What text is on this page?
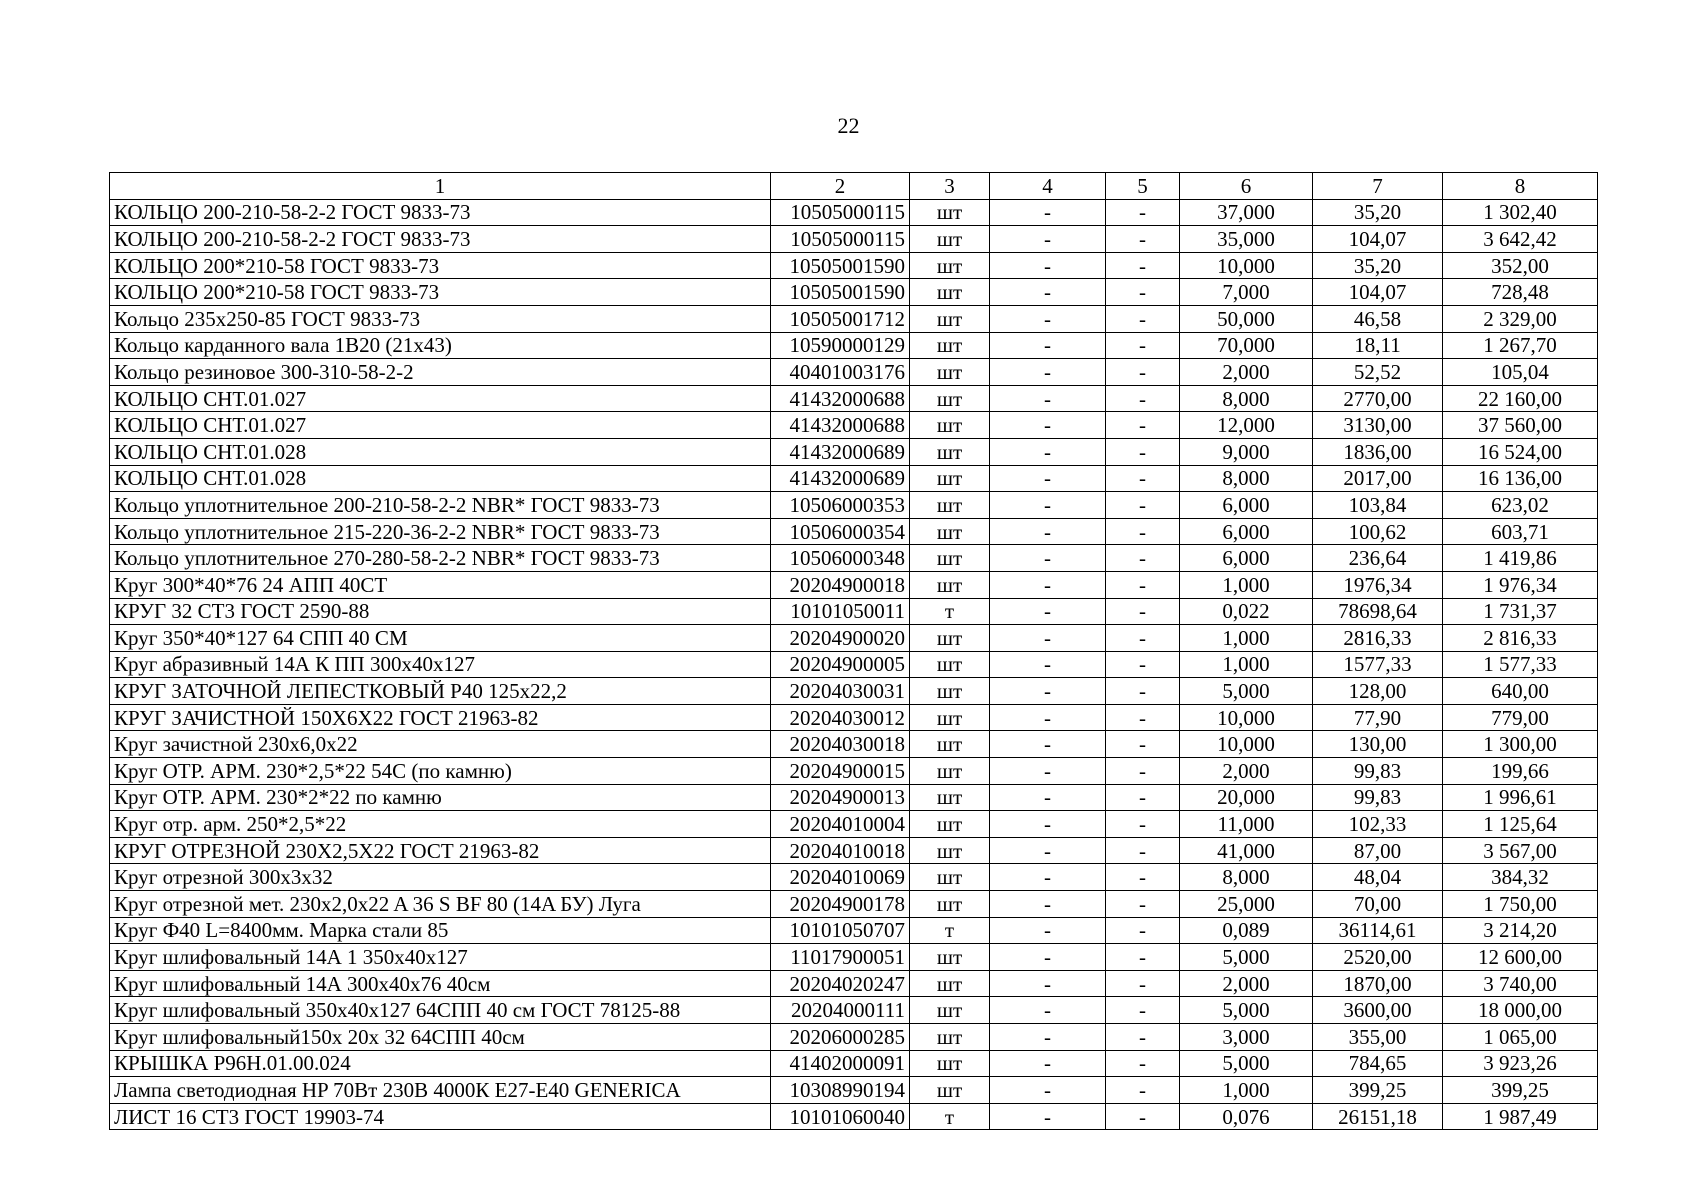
22
1	2	3	4	5	6	7	8
КОЛЬЦО 200-210-58-2-2 ГОСТ 9833-73	10505000115	шт	-	-	37,000	35,20	1 302,40
КОЛЬЦО 200-210-58-2-2 ГОСТ 9833-73	10505000115	шт	-	-	35,000	104,07	3 642,42
КОЛЬЦО 200*210-58 ГОСТ 9833-73	10505001590	шт	-	-	10,000	35,20	352,00
КОЛЬЦО 200*210-58 ГОСТ 9833-73	10505001590	шт	-	-	7,000	104,07	728,48
Кольцо 235x250-85 ГОСТ 9833-73	10505001712	шт	-	-	50,000	46,58	2 329,00
Кольцо карданного вала 1В20 (21х43)	10590000129	шт	-	-	70,000	18,11	1 267,70
Кольцо резиновое 300-310-58-2-2	40401003176	шт	-	-	2,000	52,52	105,04
КОЛЬЦО СНТ.01.027	41432000688	шт	-	-	8,000	2770,00	22 160,00
КОЛЬЦО СНТ.01.027	41432000688	шт	-	-	12,000	3130,00	37 560,00
КОЛЬЦО СНТ.01.028	41432000689	шт	-	-	9,000	1836,00	16 524,00
КОЛЬЦО СНТ.01.028	41432000689	шт	-	-	8,000	2017,00	16 136,00
Кольцо уплотнительное 200-210-58-2-2 NBR* ГОСТ 9833-73	10506000353	шт	-	-	6,000	103,84	623,02
Кольцо уплотнительное 215-220-36-2-2 NBR* ГОСТ 9833-73	10506000354	шт	-	-	6,000	100,62	603,71
Кольцо уплотнительное 270-280-58-2-2 NBR* ГОСТ 9833-73	10506000348	шт	-	-	6,000	236,64	1 419,86
Круг 300*40*76 24 АПП 40СТ	20204900018	шт	-	-	1,000	1976,34	1 976,34
КРУГ 32 СТ3 ГОСТ 2590-88	10101050011	т	-	-	0,022	78698,64	1 731,37
Круг 350*40*127 64 СПП 40 СМ	20204900020	шт	-	-	1,000	2816,33	2 816,33
Круг абразивный 14А К ПП 300x40x127	20204900005	шт	-	-	1,000	1577,33	1 577,33
КРУГ ЗАТОЧНОЙ ЛЕПЕСТКОВЫЙ Р40 125х22,2	20204030031	шт	-	-	5,000	128,00	640,00
КРУГ ЗАЧИСТНОЙ 150Х6Х22 ГОСТ 21963-82	20204030012	шт	-	-	10,000	77,90	779,00
Круг зачистной 230х6,0х22	20204030018	шт	-	-	10,000	130,00	1 300,00
Круг ОТР. АРМ. 230*2,5*22 54С (по камню)	20204900015	шт	-	-	2,000	99,83	199,66
Круг ОТР. АРМ. 230*2*22 по камню	20204900013	шт	-	-	20,000	99,83	1 996,61
Круг отр. арм. 250*2,5*22	20204010004	шт	-	-	11,000	102,33	1 125,64
КРУГ ОТРЕЗНОЙ 230Х2,5Х22 ГОСТ 21963-82	20204010018	шт	-	-	41,000	87,00	3 567,00
Круг отрезной 300х3х32	20204010069	шт	-	-	8,000	48,04	384,32
Круг отрезной мет. 230x2,0x22 A 36 S BF 80 (14A БУ) Луга	20204900178	шт	-	-	25,000	70,00	1 750,00
Круг Ф40 L=8400мм. Марка стали 85	10101050707	т	-	-	0,089	36114,61	3 214,20
Круг шлифовальный 14А 1 350х40х127	11017900051	шт	-	-	5,000	2520,00	12 600,00
Круг шлифовальный 14А 300х40х76 40см	20204020247	шт	-	-	2,000	1870,00	3 740,00
Круг шлифовальный 350х40х127 64СПП 40 см ГОСТ 78125-88	20204000111	шт	-	-	5,000	3600,00	18 000,00
Круг шлифовальный150х 20х 32 64СПП 40см	20206000285	шт	-	-	3,000	355,00	1 065,00
КРЫШКА Р96Н.01.00.024	41402000091	шт	-	-	5,000	784,65	3 923,26
Лампа светодиодная HP 70Вт 230В 4000К E27-E40 GENERICA	10308990194	шт	-	-	1,000	399,25	399,25
ЛИСТ 16 СТ3 ГОСТ 19903-74	10101060040	т	-	-	0,076	26151,18	1 987,49
